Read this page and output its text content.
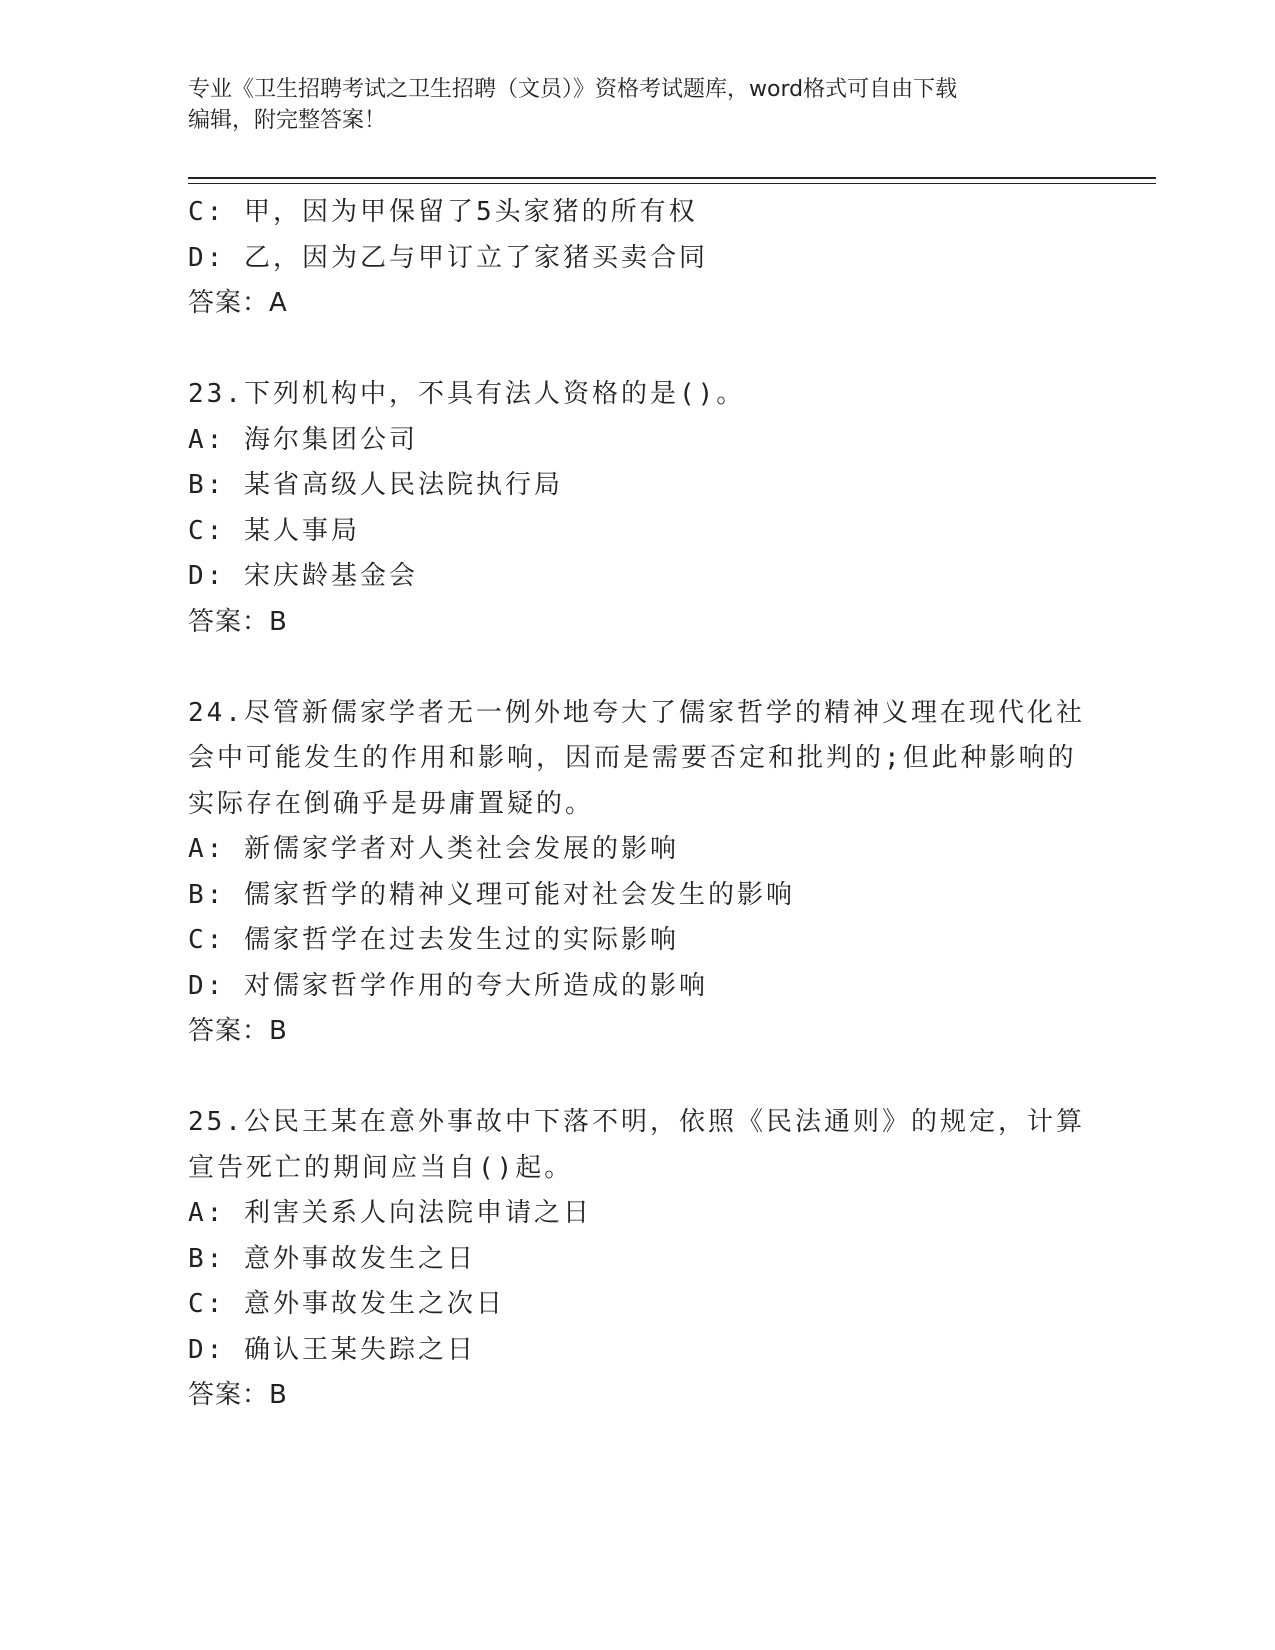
专业《卫生招聘考试之卫生招聘（文员）》资格考试题库，word格式可自由下载
编辑，附完整答案！
C: 甲，因为甲保留了5头家猪的所有权
D: 乙，因为乙与甲订立了家猪买卖合同
答案：A
23.下列机构中，不具有法人资格的是()。
A: 海尔集团公司
B: 某省高级人民法院执行局
C: 某人事局
D: 宋庆龄基金会
答案：B
24.尽管新儒家学者无一例外地夸大了儒家哲学的精神义理在现代化社
会中可能发生的作用和影响，因而是需要否定和批判的;但此种影响的
实际存在倒确乎是毋庸置疑的。
A: 新儒家学者对人类社会发展的影响
B: 儒家哲学的精神义理可能对社会发生的影响
C: 儒家哲学在过去发生过的实际影响
D: 对儒家哲学作用的夸大所造成的影响
答案：B
25.公民王某在意外事故中下落不明，依照《民法通则》的规定，计算
宣告死亡的期间应当自()起。
A: 利害关系人向法院申请之日
B: 意外事故发生之日
C: 意外事故发生之次日
D: 确认王某失踪之日
答案：B
